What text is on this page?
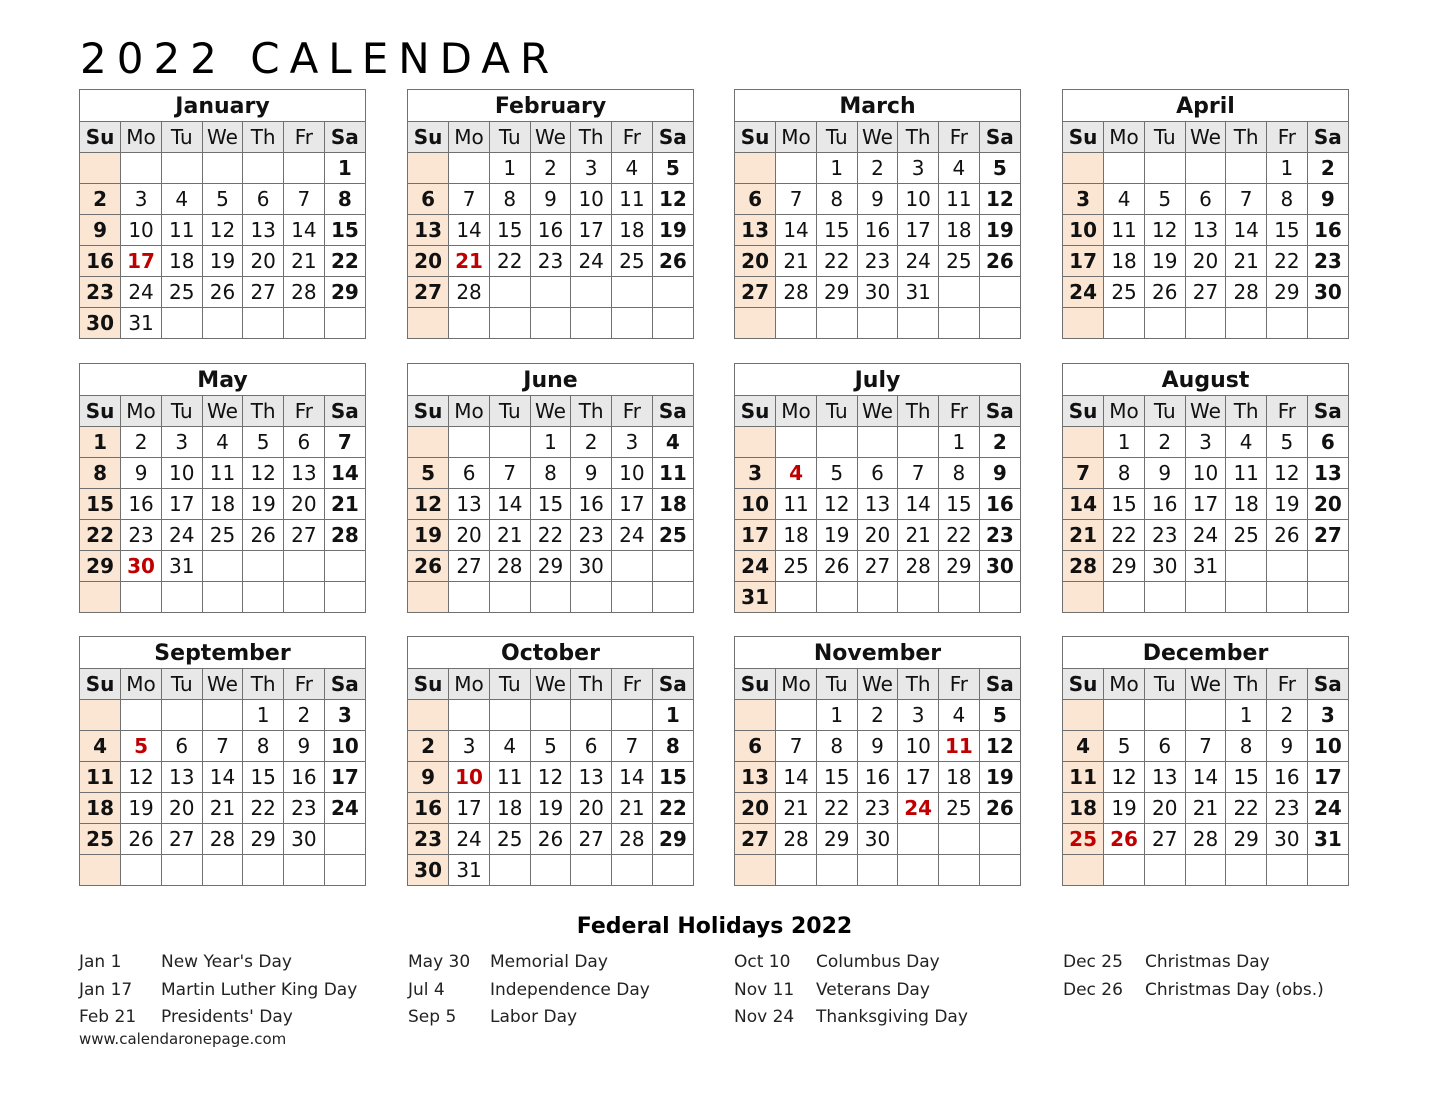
2022 CALENDAR
January
Su	Mo	Tu	We	Th	Fr	Sa
						1
2	3	4	5	6	7	8
9	10	11	12	13	14	15
16	17	18	19	20	21	22
23	24	25	26	27	28	29
30	31					
February
Su	Mo	Tu	We	Th	Fr	Sa
		1	2	3	4	5
6	7	8	9	10	11	12
13	14	15	16	17	18	19
20	21	22	23	24	25	26
27	28					

March
Su	Mo	Tu	We	Th	Fr	Sa
		1	2	3	4	5
6	7	8	9	10	11	12
13	14	15	16	17	18	19
20	21	22	23	24	25	26
27	28	29	30	31		

April
Su	Mo	Tu	We	Th	Fr	Sa
					1	2
3	4	5	6	7	8	9
10	11	12	13	14	15	16
17	18	19	20	21	22	23
24	25	26	27	28	29	30

May
Su	Mo	Tu	We	Th	Fr	Sa
1	2	3	4	5	6	7
8	9	10	11	12	13	14
15	16	17	18	19	20	21
22	23	24	25	26	27	28
29	30	31				

June
Su	Mo	Tu	We	Th	Fr	Sa
			1	2	3	4
5	6	7	8	9	10	11
12	13	14	15	16	17	18
19	20	21	22	23	24	25
26	27	28	29	30		

July
Su	Mo	Tu	We	Th	Fr	Sa
					1	2
3	4	5	6	7	8	9
10	11	12	13	14	15	16
17	18	19	20	21	22	23
24	25	26	27	28	29	30
31						
August
Su	Mo	Tu	We	Th	Fr	Sa
	1	2	3	4	5	6
7	8	9	10	11	12	13
14	15	16	17	18	19	20
21	22	23	24	25	26	27
28	29	30	31			

September
Su	Mo	Tu	We	Th	Fr	Sa
				1	2	3
4	5	6	7	8	9	10
11	12	13	14	15	16	17
18	19	20	21	22	23	24
25	26	27	28	29	30	

October
Su	Mo	Tu	We	Th	Fr	Sa
						1
2	3	4	5	6	7	8
9	10	11	12	13	14	15
16	17	18	19	20	21	22
23	24	25	26	27	28	29
30	31					
November
Su	Mo	Tu	We	Th	Fr	Sa
		1	2	3	4	5
6	7	8	9	10	11	12
13	14	15	16	17	18	19
20	21	22	23	24	25	26
27	28	29	30			

December
Su	Mo	Tu	We	Th	Fr	Sa
				1	2	3
4	5	6	7	8	9	10
11	12	13	14	15	16	17
18	19	20	21	22	23	24
25	26	27	28	29	30	31

Federal Holidays 2022
Jan 1 New Year's Day
Jan 17 Martin Luther King Day
Feb 21 Presidents' Day
May 30 Memorial Day
Jul 4	Independence Day
Sep 5 Labor Day
Oct 10 Columbus Day
Nov 11 Veterans Day
Nov 24 Thanksgiving Day
Dec 25 Christmas Day
Dec 26 Christmas Day (obs.)
www.calendaronepage.com
